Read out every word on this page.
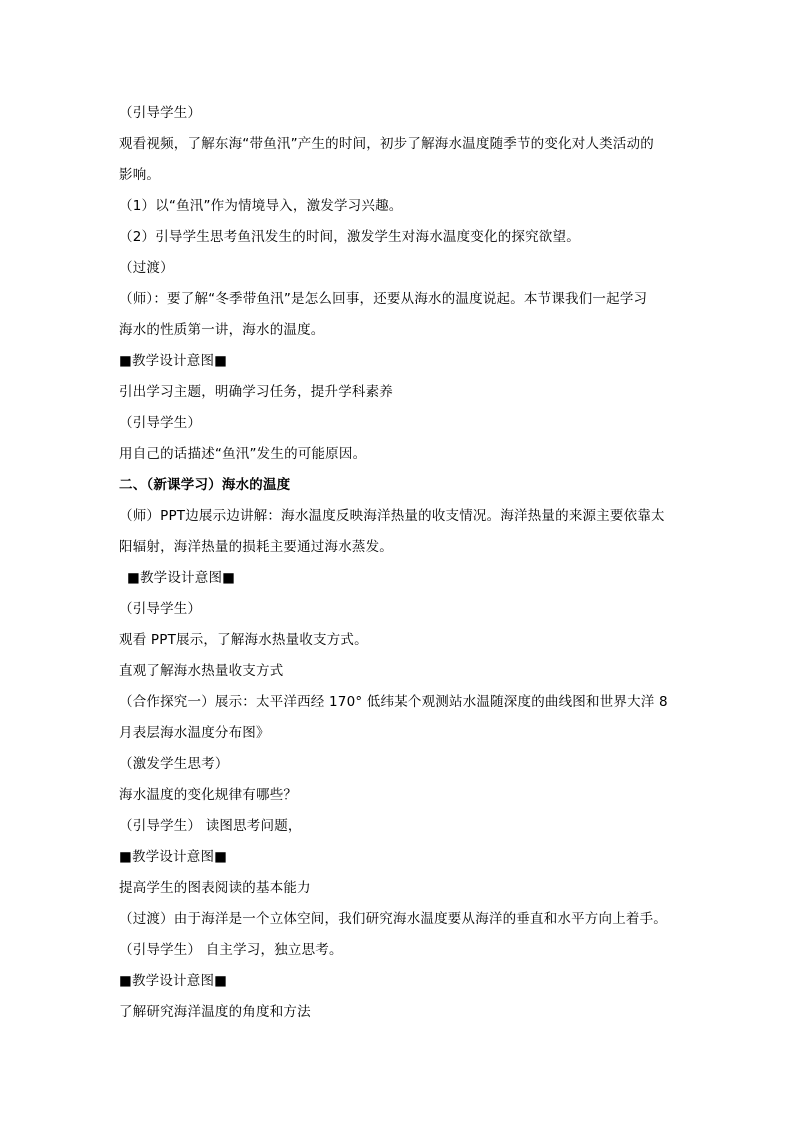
（引导学生）
观看视频，了解东海“带鱼汛”产生的时间，初步了解海水温度随季节的变化对人类活动的
影响。
（1）以“鱼汛”作为情境导入，激发学习兴趣。
（2）引导学生思考鱼汛发生的时间，激发学生对海水温度变化的探究欲望。
（过渡）
（师）：要了解“冬季带鱼汛”是怎么回事，还要从海水的温度说起。本节课我们一起学习
海水的性质第一讲，海水的温度。
■教学设计意图■
引出学习主题，明确学习任务，提升学科素养
（引导学生）
用自己的话描述“鱼汛”发生的可能原因。
二、（新课学习）海水的温度
（师）PPT边展示边讲解：海水温度反映海洋热量的收支情况。海洋热量的来源主要依靠太
阳辐射，海洋热量的损耗主要通过海水蒸发。
■教学设计意图■
（引导学生）
观看 PPT展示，了解海水热量收支方式。
直观了解海水热量收支方式
（合作探究一）展示：太平洋西经 170° 低纬某个观测站水温随深度的曲线图和世界大洋 8
月表层海水温度分布图》
（激发学生思考）
海水温度的变化规律有哪些？
（引导学生） 读图思考问题，
■教学设计意图■
提高学生的图表阅读的基本能力
（过渡）由于海洋是一个立体空间，我们研究海水温度要从海洋的垂直和水平方向上着手。
（引导学生） 自主学习，独立思考。
■教学设计意图■
了解研究海洋温度的角度和方法
